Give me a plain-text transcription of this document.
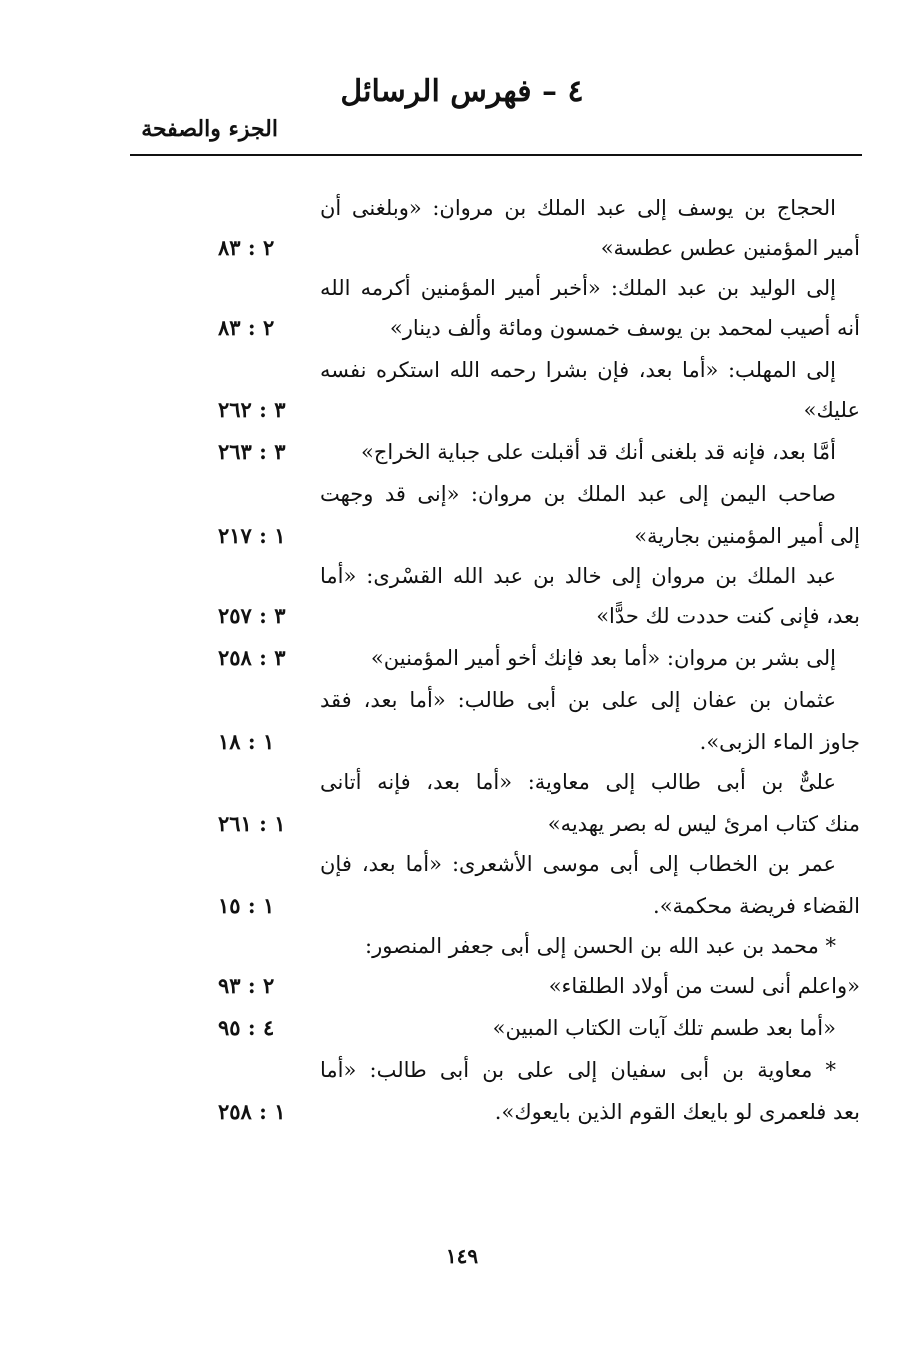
٤ – فهرس الرسائل
الجزء والصفحة
الحجاج بن يوسف إلى عبد الملك بن مروان: «وبلغنى أن
أمير المؤمنين عطس عطسة»
٢ : ٨٣
إلى الوليد بن عبد الملك: «أخبر أمير المؤمنين أكرمه الله
أنه أصيب لمحمد بن يوسف خمسون ومائة وألف دينار»
٢ : ٨٣
إلى المهلب: «أما بعد، فإن بشرا رحمه الله استكره نفسه
عليك»
٣ : ٢٦٢
أمَّا بعد، فإنه قد بلغنى أنك قد أقبلت على جباية الخراج»
٣ : ٢٦٣
صاحب اليمن إلى عبد الملك بن مروان: «إنى قد وجهت
إلى أمير المؤمنين بجارية»
١ : ٢١٧
عبد الملك بن مروان إلى خالد بن عبد الله القسْرى: «أما
بعد، فإنى كنت حددت لك حدًّا»
٣ : ٢٥٧
إلى بشر بن مروان: «أما بعد فإنك أخو أمير المؤمنين»
٣ : ٢٥٨
عثمان بن عفان إلى على بن أبى طالب: «أما بعد، فقد
جاوز الماء الزبى».
١ : ١٨
علىٌّ بن أبى طالب إلى معاوية: «أما بعد، فإنه أتانى
منك كتاب امرئ ليس له بصر يهديه»
١ : ٢٦١
عمر بن الخطاب إلى أبى موسى الأشعرى: «أما بعد، فإن
القضاء فريضة محكمة».
١ : ١٥
* محمد بن عبد الله بن الحسن إلى أبى جعفر المنصور:
«واعلم أنى لست من أولاد الطلقاء»
٢ : ٩٣
«أما بعد طسم تلك آيات الكتاب المبين»
٤ : ٩٥
* معاوية بن أبى سفيان إلى على بن أبى طالب: «أما
بعد فلعمرى لو بايعك القوم الذين بايعوك».
١ : ٢٥٨
١٤٩
